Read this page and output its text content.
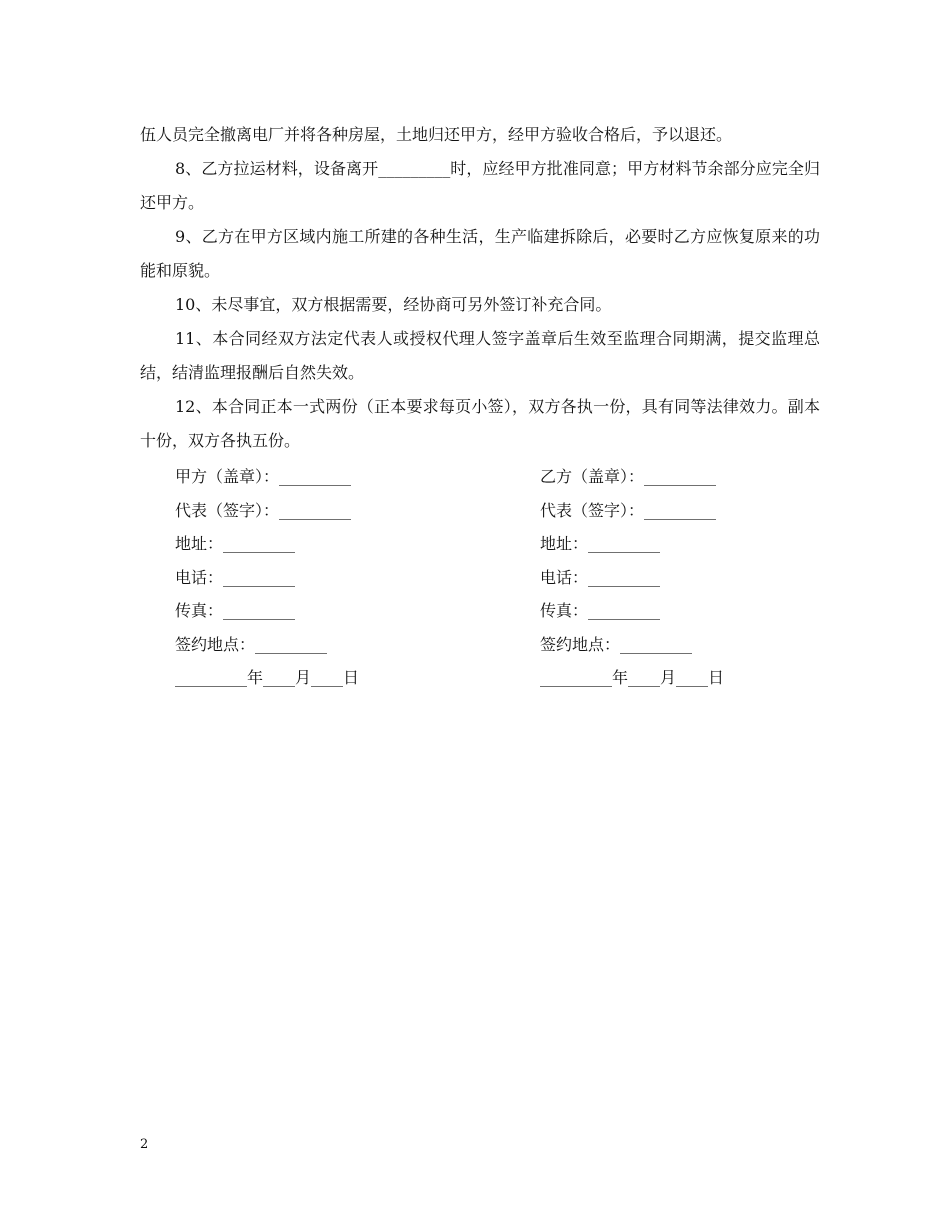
伍人员完全撤离电厂并将各种房屋，土地归还甲方，经甲方验收合格后，予以退还。

8、乙方拉运材料，设备离开_________时，应经甲方批准同意；甲方材料节余部分应完全归还甲方。

9、乙方在甲方区域内施工所建的各种生活，生产临建拆除后，必要时乙方应恢复原来的功能和原貌。

10、未尽事宜，双方根据需要，经协商可另外签订补充合同。

11、本合同经双方法定代表人或授权代理人签字盖章后生效至监理合同期满，提交监理总结，结清监理报酬后自然失效。

12、本合同正本一式两份（正本要求每页小签），双方各执一份，具有同等法律效力。副本十份，双方各执五份。

甲方（盖章）：_________
代表（签字）：_________
地址：_________
电话：_________
传真：_________
签约地点：_________
_________年____月____日
乙方（盖章）：_________
代表（签字）：_________
地址：_________
电话：_________
传真：_________
签约地点：_________
_________年____月____日
2
